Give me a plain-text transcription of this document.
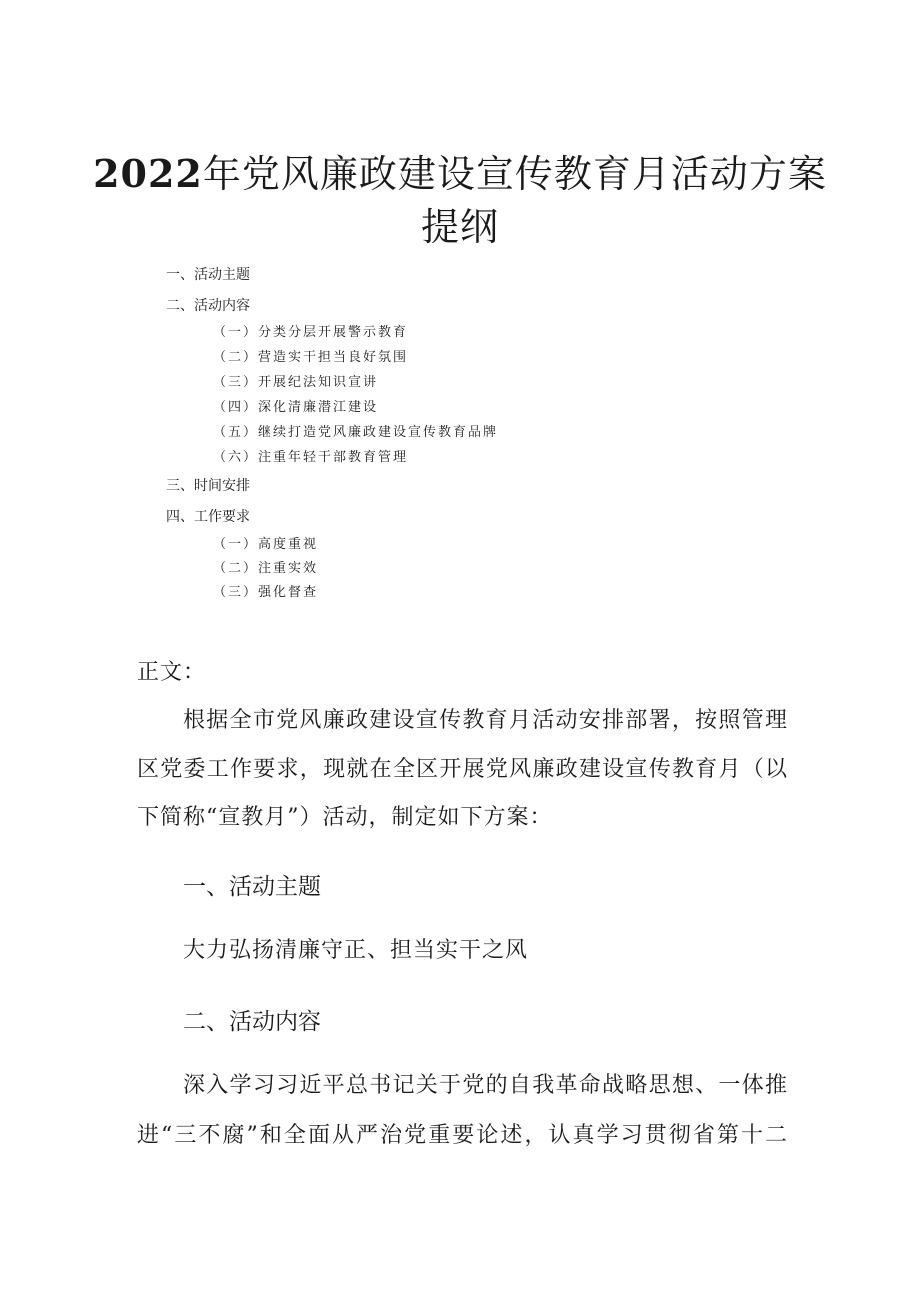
2022年党风廉政建设宣传教育月活动方案
提纲
一、活动主题
二、活动内容
（一）分类分层开展警示教育
（二）营造实干担当良好氛围
（三）开展纪法知识宣讲
（四）深化清廉潜江建设
（五）继续打造党风廉政建设宣传教育品牌
（六）注重年轻干部教育管理
三、时间安排
四、工作要求
（一）高度重视
（二）注重实效
（三）强化督查
正文：
根据全市党风廉政建设宣传教育月活动安排部署，按照管理
区党委工作要求，现就在全区开展党风廉政建设宣传教育月（以
下简称“宣教月”）活动，制定如下方案：
一、活动主题
大力弘扬清廉守正、担当实干之风
二、活动内容
深入学习习近平总书记关于党的自我革命战略思想、一体推
进“三不腐”和全面从严治党重要论述，认真学习贯彻省第十二
